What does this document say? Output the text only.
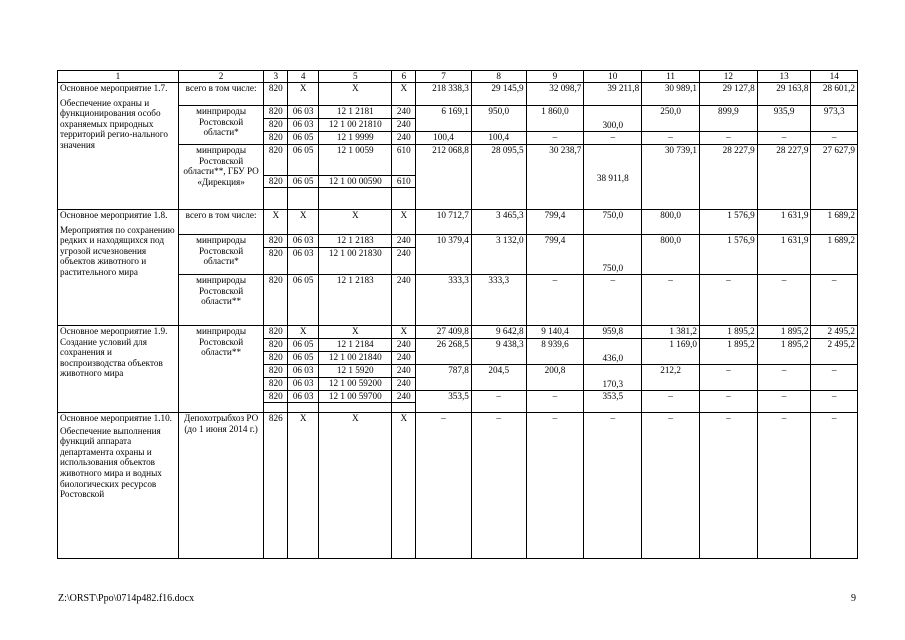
1	2	3	4	5	6	7	8	9	10	11	12	13	14

Основное мероприятие 1.7.
Обеспечение охраны и функционирования особо охраняемых природных территорий регио-нального значения	всего в том числе:	820	Х	Х	Х	218 338,3	29 145,9	32 098,7	39 211,8	30 989,1	29 127,8	29 163,8	28 601,2
	минприроды Ростовской области*	820	06 03	12 1 2181	240	6 169,1	950,0	1 860,0	300,0	250,0	899,9	935,9	973,3
		820	06 03	12 1 00 21810	240								
		820	06 05	12 1 9999	240	100,4	100,4	–	–	–	–	–	–
	минприроды Ростовской области**, ГБУ РО «Дирекция»	820	06 05	12 1 0059	610	212 068,8	28 095,5	30 238,7	38 911,8	30 739,1	28 227,9	28 227,9	27 627,9
		820	06 05	12 1 00 00590	610								

Основное мероприятие 1.8.
Мероприятия по сохранению редких и находящихся под угрозой исчезновения объектов животного и растительного мира	всего в том числе:	Х	Х	Х	Х	10 712,7	3 465,3	799,4	750,0	800,0	1 576,9	1 631,9	1 689,2
	минприроды Ростовской области*	820	06 03	12 1 2183	240	10 379,4	3 132,0	799,4	750,0	800,0	1 576,9	1 631,9	1 689,2
		820	06 03	12 1 00 21830	240								
	минприроды Ростовской области**	820	06 05	12 1 2183	240	333,3	333,3	–	–	–	–	–	–

Основное мероприятие 1.9.
Создание условий для сохранения и воспроизводства объектов животного мира	минприроды Ростовской области**	820	Х	Х	Х	27 409,8	9 642,8	9 140,4	959,8	1 381,2	1 895,2	1 895,2	2 495,2
		820	06 05	12 1 2184	240	26 268,5	9 438,3	8 939,6	436,0	1 169,0	1 895,2	1 895,2	2 495,2
		820	06 05	12 1 00 21840	240								
		820	06 03	12 1 5920	240	787,8	204,5	200,8	170,3	212,2	–	–	–
		820	06 03	12 1 00 59200	240								
		820	06 03	12 1 00 59700	240	353,5	–	–	353,5	–	–	–	–

Основное мероприятие 1.10.
Обеспечение выполнения функций аппарата департамента охраны и использования объектов животного мира и водных биологических ресурсов Ростовской	Депохотрыбхоз РО (до 1 июня 2014 г.)	826	Х	Х	Х	–	–	–	–	–	–	–	–
Z:\ORST\Ppo\0714p482.f16.docx	9
